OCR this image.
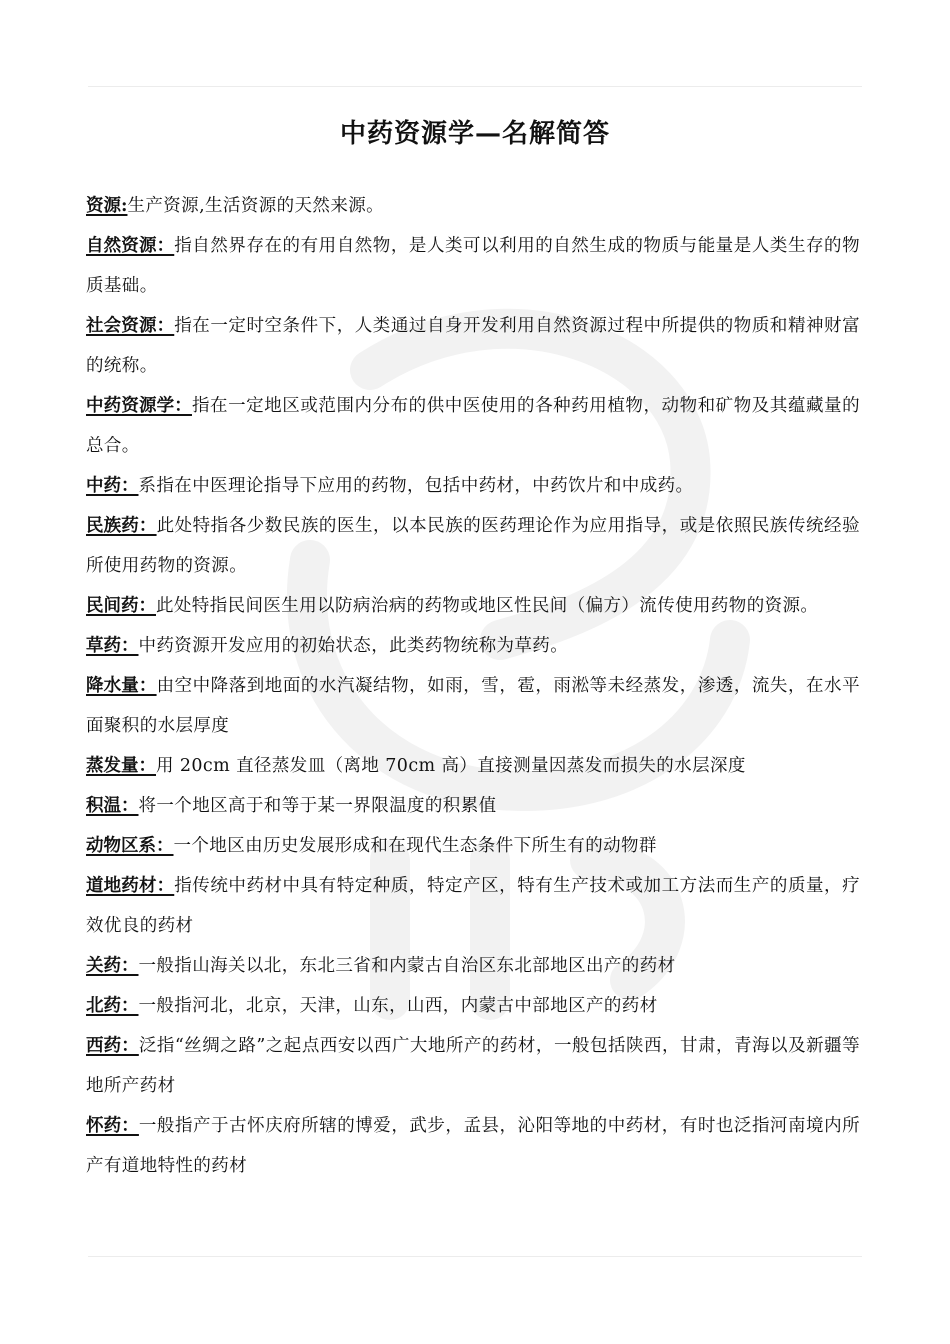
中药资源学—名解简答

资源:生产资源,生活资源的天然来源。

自然资源：指自然界存在的有用自然物，是人类可以利用的自然生成的物质与能量是人类生存的物质基础。

社会资源：指在一定时空条件下，人类通过自身开发利用自然资源过程中所提供的物质和精神财富的统称。

中药资源学：指在一定地区或范围内分布的供中医使用的各种药用植物，动物和矿物及其蕴藏量的总合。

中药：系指在中医理论指导下应用的药物，包括中药材，中药饮片和中成药。

民族药：此处特指各少数民族的医生，以本民族的医药理论作为应用指导，或是依照民族传统经验所使用药物的资源。

民间药：此处特指民间医生用以防病治病的药物或地区性民间（偏方）流传使用药物的资源。

草药：中药资源开发应用的初始状态，此类药物统称为草药。

降水量：由空中降落到地面的水汽凝结物，如雨，雪，雹，雨淞等未经蒸发，渗透，流失，在水平面聚积的水层厚度

蒸发量：用 20cm 直径蒸发皿（离地 70cm 高）直接测量因蒸发而损失的水层深度

积温：将一个地区高于和等于某一界限温度的积累值

动物区系：一个地区由历史发展形成和在现代生态条件下所生有的动物群

道地药材：指传统中药材中具有特定种质，特定产区，特有生产技术或加工方法而生产的质量，疗效优良的药材

关药：一般指山海关以北，东北三省和内蒙古自治区东北部地区出产的药材

北药：一般指河北，北京，天津，山东，山西，内蒙古中部地区产的药材

西药：泛指“丝绸之路”之起点西安以西广大地所产的药材，一般包括陕西，甘肃，青海以及新疆等地所产药材

怀药：一般指产于古怀庆府所辖的博爱，武步，孟县，沁阳等地的中药材，有时也泛指河南境内所产有道地特性的药材
